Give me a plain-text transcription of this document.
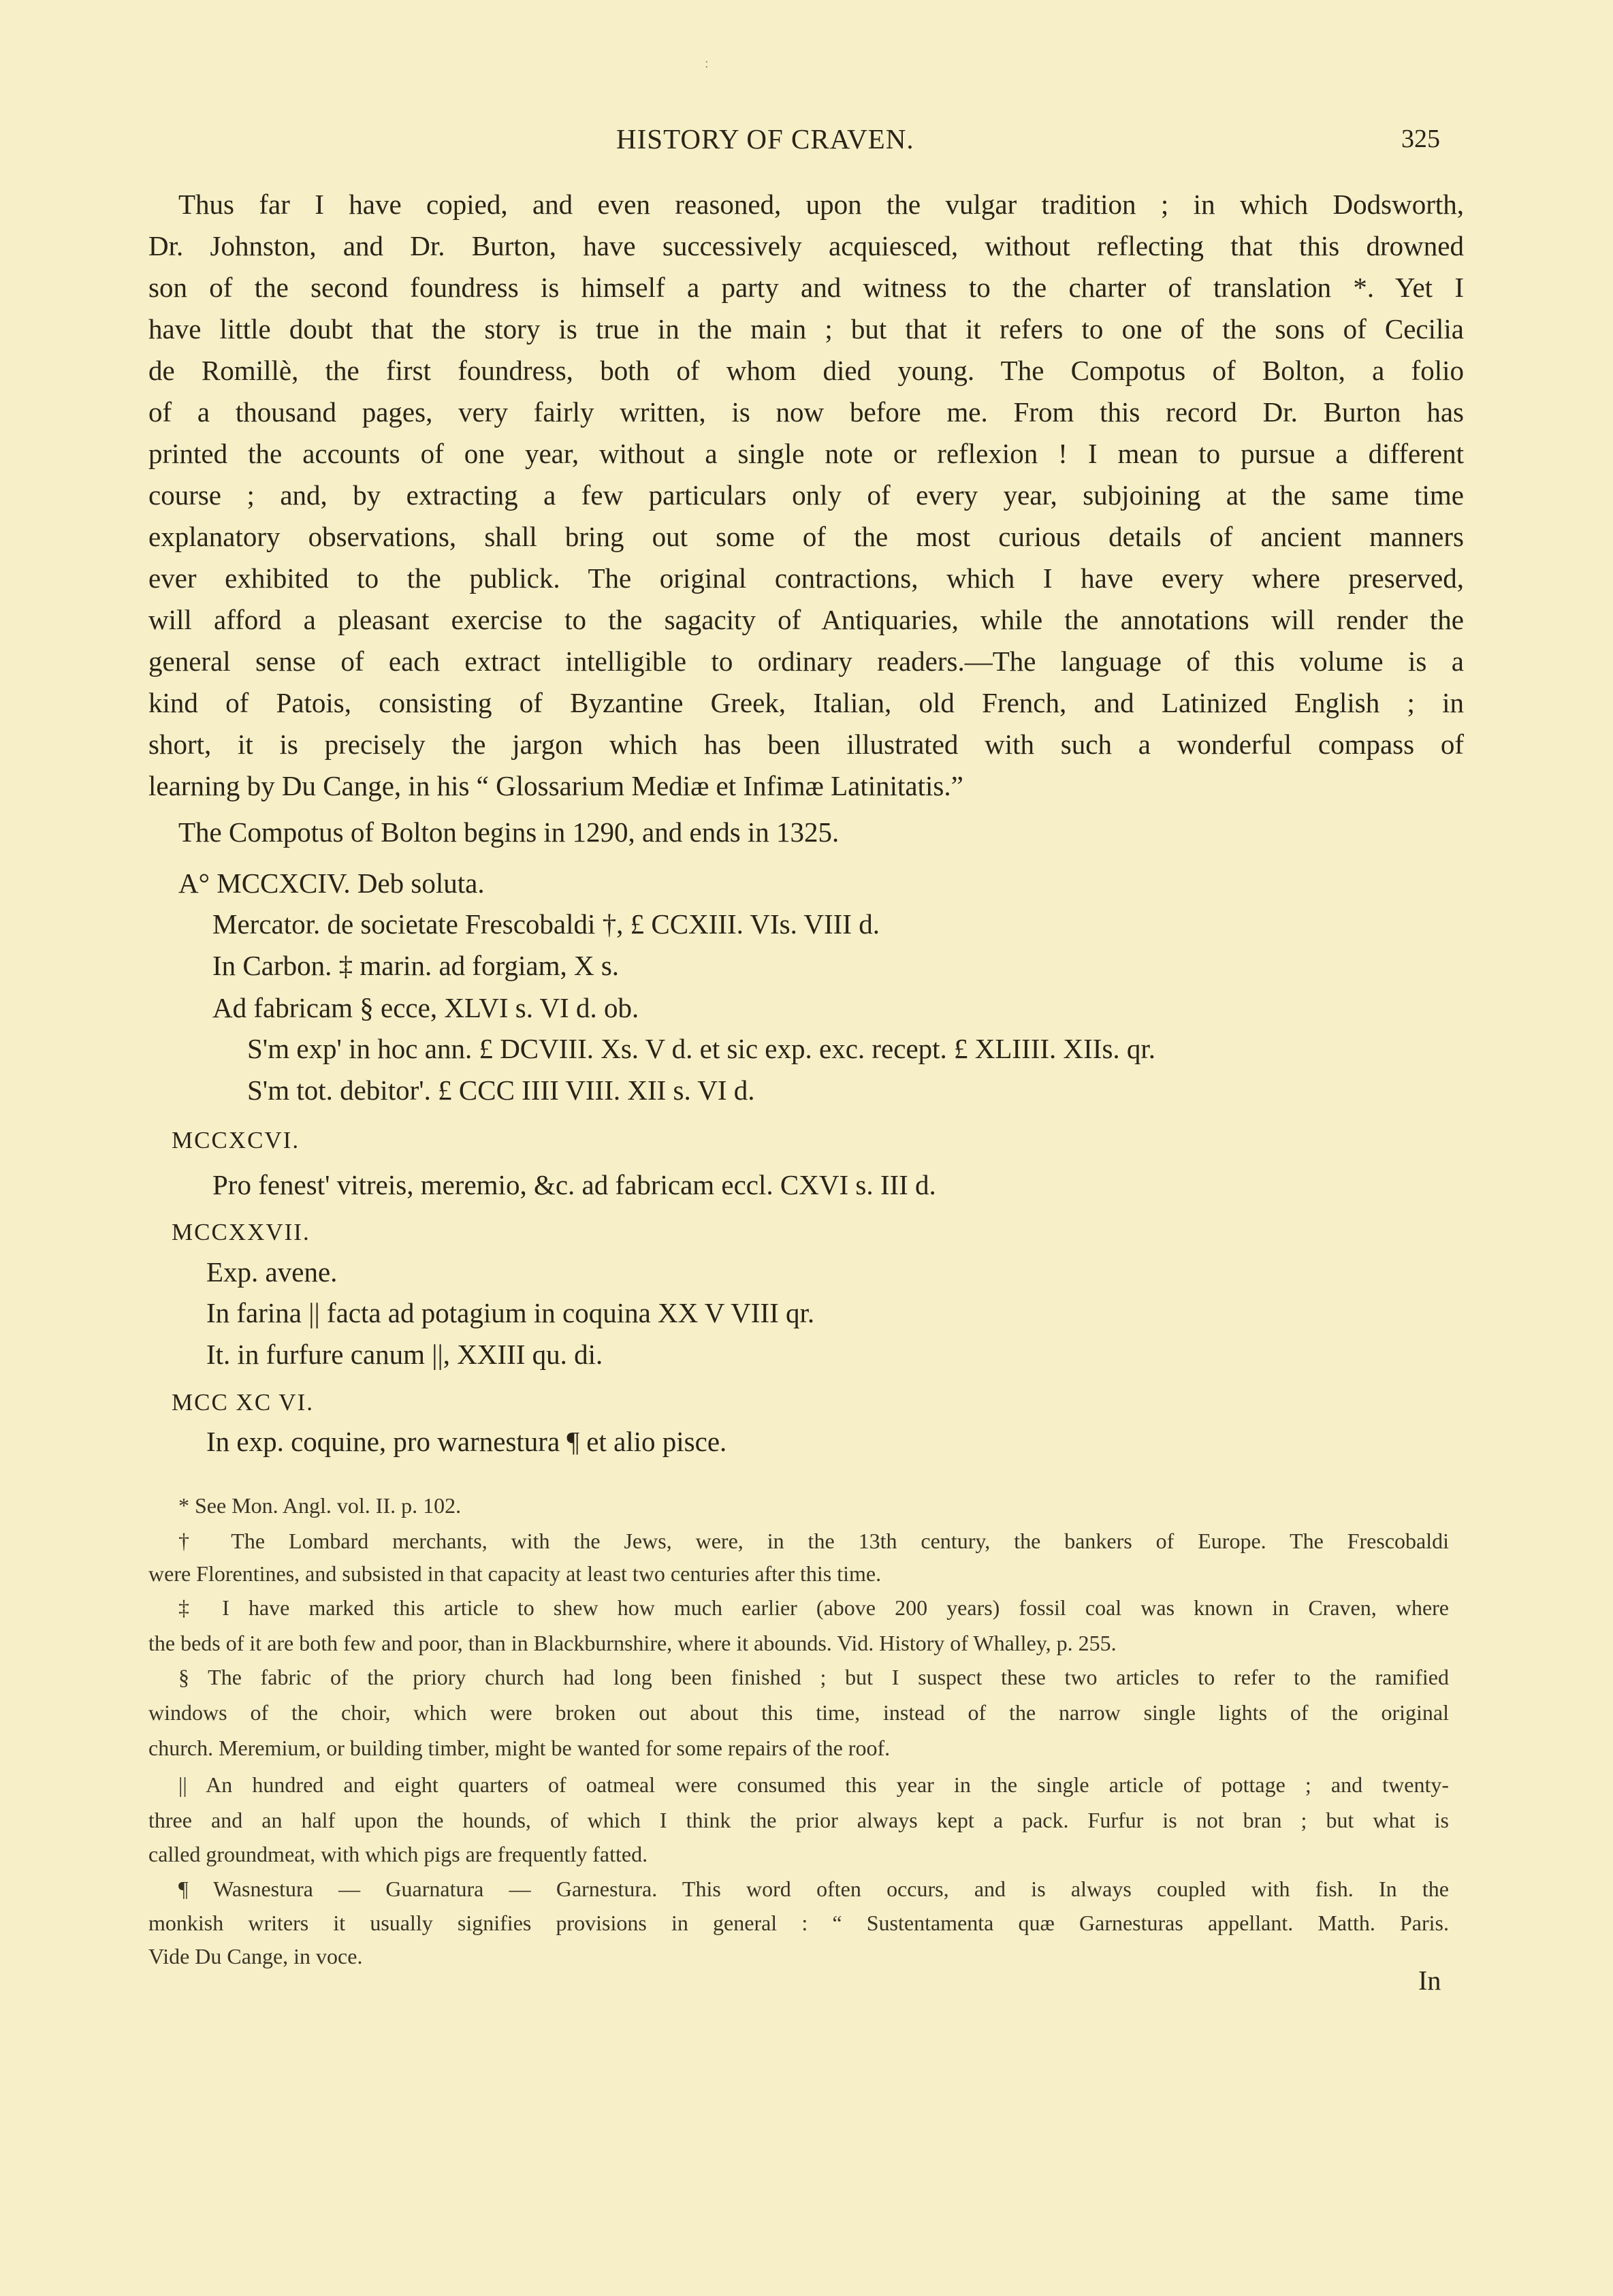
ː
HISTORY OF CRAVEN.	325
Thus far I have copied, and even reasoned, upon the vulgar tradition ; in which Dodsworth,
Dr. Johnston, and Dr. Burton, have successively acquiesced, without reflecting that this drowned
son of the second foundress is himself a party and witness to the charter of translation *. Yet I
have little doubt that the story is true in the main ; but that it refers to one of the sons of Cecilia
de Romillè, the first foundress, both of whom died young. The Compotus of Bolton, a folio
of a thousand pages, very fairly written, is now before me. From this record Dr. Burton has
printed the accounts of one year, without a single note or reflexion ! I mean to pursue a different
course ; and, by extracting a few particulars only of every year, subjoining at the same time
explanatory observations, shall bring out some of the most curious details of ancient manners
ever exhibited to the publick. The original contractions, which I have every where preserved,
will afford a pleasant exercise to the sagacity of Antiquaries, while the annotations will render the
general sense of each extract intelligible to ordinary readers.—The language of this volume is a
kind of Patois, consisting of Byzantine Greek, Italian, old French, and Latinized English ; in
short, it is precisely the jargon which has been illustrated with such a wonderful compass of
learning by Du Cange, in his “ Glossarium Mediæ et Infimæ Latinitatis.”
The Compotus of Bolton begins in 1290, and ends in 1325.
A° MCCXCIV. Deb soluta.
Mercator. de societate Frescobaldi †, £ CCXIII. VIs. VIII d.
In Carbon. ‡ marin. ad forgiam, X s.
Ad fabricam § ecce, XLVI s. VI d. ob.
S'm exp' in hoc ann. £ DCVIII. Xs. V d. et sic exp. exc. recept. £ XLIIII. XIIs. qr.
S'm tot. debitor'. £ CCC IIII VIII. XII s. VI d.
MCCXCVI.
Pro fenest' vitreis, meremio, &c. ad fabricam eccl. CXVI s. III d.
MCCXXVII.
Exp. avene.
In farina || facta ad potagium in coquina XX V VIII qr.
It. in furfure canum ||, XXIII qu. di.
MCC XC VI.
In exp. coquine, pro warnestura ¶ et alio pisce.
* See Mon. Angl. vol. II. p. 102.
† The Lombard merchants, with the Jews, were, in the 13th century, the bankers of Europe. The Frescobaldi
were Florentines, and subsisted in that capacity at least two centuries after this time.
‡ I have marked this article to shew how much earlier (above 200 years) fossil coal was known in Craven, where
the beds of it are both few and poor, than in Blackburnshire, where it abounds. Vid. History of Whalley, p. 255.
§ The fabric of the priory church had long been finished ; but I suspect these two articles to refer to the ramified
windows of the choir, which were broken out about this time, instead of the narrow single lights of the original
church. Meremium, or building timber, might be wanted for some repairs of the roof.
|| An hundred and eight quarters of oatmeal were consumed this year in the single article of pottage ; and twenty-
three and an half upon the hounds, of which I think the prior always kept a pack. Furfur is not bran ; but what is
called groundmeat, with which pigs are frequently fatted.
¶ Wasnestura — Guarnatura — Garnestura. This word often occurs, and is always coupled with fish. In the
monkish writers it usually signifies provisions in general : “ Sustentamenta quæ Garnesturas appellant. Matth. Paris.
Vide Du Cange, in voce.
In
